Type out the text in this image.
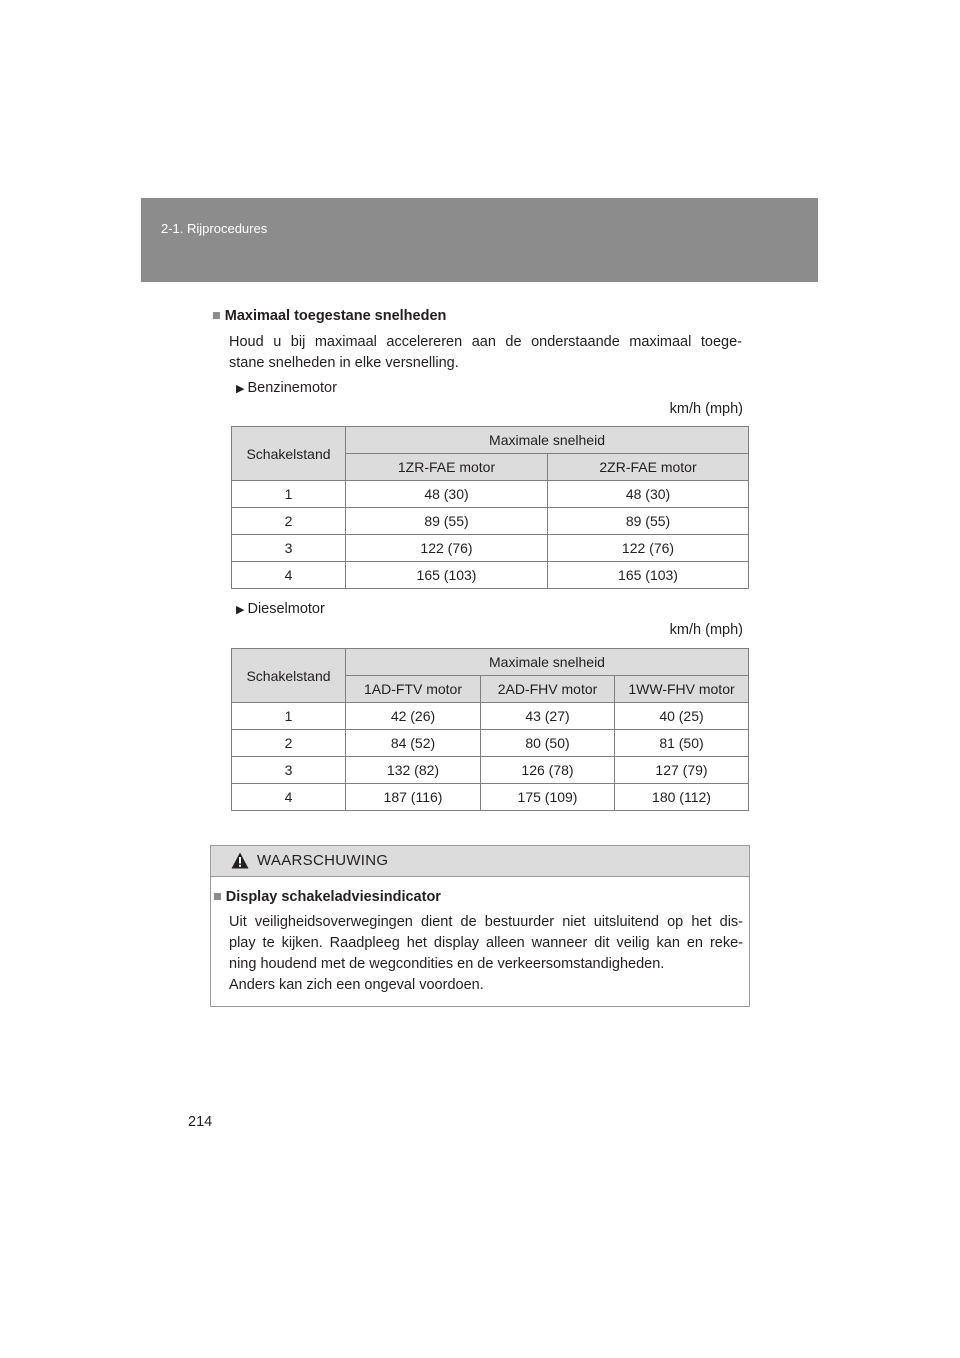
2-1. Rijprocedures
■ Maximaal toegestane snelheden
Houd u bij maximaal accelereren aan de onderstaande maximaal toege-
stane snelheden in elke versnelling.
▶ Benzinemotor
km/h (mph)
Schakelstand	Maximale snelheid	
	1ZR-FAE motor	2ZR-FAE motor
1	48 (30)	48 (30)
2	89 (55)	89 (55)
3	122 (76)	122 (76)
4	165 (103)	165 (103)
▶ Dieselmotor
km/h (mph)
Schakelstand	Maximale snelheid		
	1AD-FTV motor	2AD-FHV motor	1WW-FHV motor
1	42 (26)	43 (27)	40 (25)
2	84 (52)	80 (50)	81 (50)
3	132 (82)	126 (78)	127 (79)
4	187 (116)	175 (109)	180 (112)
WAARSCHUWING
■ Display schakeladviesindicator

Uit veiligheidsoverwegingen dient de bestuurder niet uitsluitend op het dis-

play te kijken. Raadpleeg het display alleen wanneer dit veilig kan en reke-

ning houdend met de wegcondities en de verkeersomstandigheden.

Anders kan zich een ongeval voordoen.

214
